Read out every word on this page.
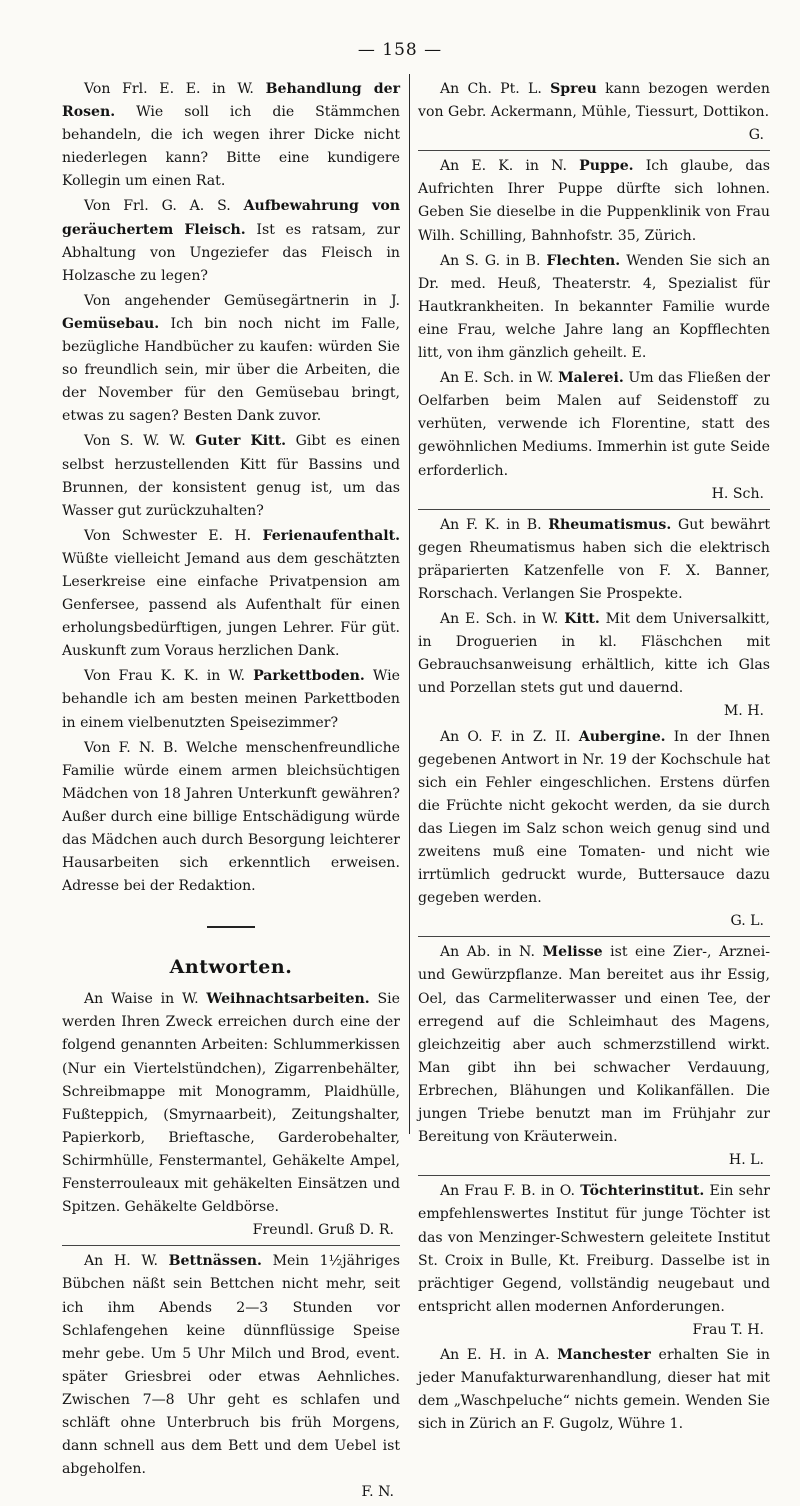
— 158 —

Von Frl. E. E. in W. Behandlung der Rosen. Wie soll ich die Stämmchen behandeln, die ich wegen ihrer Dicke nicht niederlegen kann? Bitte eine kundigere Kollegin um einen Rat.

Von Frl. G. A. S. Aufbewahrung von geräuchertem Fleisch. Ist es ratsam, zur Abhaltung von Ungeziefer das Fleisch in Holzasche zu legen?

Von angehender Gemüsegärtnerin in J. Gemüsebau. Ich bin noch nicht im Falle, bezügliche Handbücher zu kaufen: würden Sie so freundlich sein, mir über die Arbeiten, die der November für den Gemüsebau bringt, etwas zu sagen? Besten Dank zuvor.

Von S. W. W. Guter Kitt. Gibt es einen selbst herzustellenden Kitt für Bassins und Brunnen, der konsistent genug ist, um das Wasser gut zurückzuhalten?

Von Schwester E. H. Ferienaufenthalt. Wüßte vielleicht Jemand aus dem geschätzten Leserkreise eine einfache Privatpension am Genfersee, passend als Aufenthalt für einen erholungsbedürftigen, jungen Lehrer. Für güt. Auskunft zum Voraus herzlichen Dank.

Von Frau K. K. in W. Parkettboden. Wie behandle ich am besten meinen Parkettboden in einem vielbenutzten Speisezimmer?

Von F. N. B. Welche menschenfreundliche Familie würde einem armen bleichsüchtigen Mädchen von 18 Jahren Unterkunft gewähren? Außer durch eine billige Entschädigung würde das Mädchen auch durch Besorgung leichterer Hausarbeiten sich erkenntlich erweisen. Adresse bei der Redaktion.

Antworten.

An Waise in W. Weihnachtsarbeiten. Sie werden Ihren Zweck erreichen durch eine der folgend genannten Arbeiten: Schlummerkissen (Nur ein Viertelstündchen), Zigarrenbehälter, Schreibmappe mit Monogramm, Plaidhülle, Fußteppich, (Smyrnaarbeit), Zeitungshalter, Papierkorb, Brieftasche, Garderobehalter, Schirmhülle, Fenstermantel, Gehäkelte Ampel, Fensterrouleaux mit gehäkelten Einsätzen und Spitzen. Gehäkelte Geldbörse.
Freundl. Gruß D. R.

An H. W. Bettnässen. Mein 1½jähriges Bübchen näßt sein Bettchen nicht mehr, seit ich ihm Abends 2—3 Stunden vor Schlafengehen keine dünnflüssige Speise mehr gebe. Um 5 Uhr Milch und Brod, event. später Griesbrei oder etwas Aehnliches. Zwischen 7—8 Uhr geht es schlafen und schläft ohne Unterbruch bis früh Morgens, dann schnell aus dem Bett und dem Uebel ist abgeholfen.
F. N.

An Ch. Pt. L. Spreu kann bezogen werden von Gebr. Ackermann, Mühle, Tiessurt, Dottikon.
G.

An E. K. in N. Puppe. Ich glaube, das Aufrichten Ihrer Puppe dürfte sich lohnen. Geben Sie dieselbe in die Puppenklinik von Frau Wilh. Schilling, Bahnhofstr. 35, Zürich.

An S. G. in B. Flechten. Wenden Sie sich an Dr. med. Heuß, Theaterstr. 4, Spezialist für Hautkrankheiten. In bekannter Familie wurde eine Frau, welche Jahre lang an Kopfflechten litt, von ihm gänzlich geheilt. E.

An E. Sch. in W. Malerei. Um das Fließen der Oelfarben beim Malen auf Seidenstoff zu verhüten, verwende ich Florentine, statt des gewöhnlichen Mediums. Immerhin ist gute Seide erforderlich.
H. Sch.

An F. K. in B. Rheumatismus. Gut bewährt gegen Rheumatismus haben sich die elektrisch präparierten Katzenfelle von F. X. Banner, Rorschach. Verlangen Sie Prospekte.

An E. Sch. in W. Kitt. Mit dem Universalkitt, in Droguerien in kl. Fläschchen mit Gebrauchsanweisung erhältlich, kitte ich Glas und Porzellan stets gut und dauernd.
M. H.

An O. F. in Z. II. Aubergine. In der Ihnen gegebenen Antwort in Nr. 19 der Kochschule hat sich ein Fehler eingeschlichen. Erstens dürfen die Früchte nicht gekocht werden, da sie durch das Liegen im Salz schon weich genug sind und zweitens muß eine Tomaten- und nicht wie irrtümlich gedruckt wurde, Buttersauce dazu gegeben werden.
G. L.

An Ab. in N. Melisse ist eine Zier-, Arznei- und Gewürzpflanze. Man bereitet aus ihr Essig, Oel, das Carmeliterwasser und einen Tee, der erregend auf die Schleimhaut des Magens, gleichzeitig aber auch schmerzstillend wirkt. Man gibt ihn bei schwacher Verdauung, Erbrechen, Blähungen und Kolikanfällen. Die jungen Triebe benutzt man im Frühjahr zur Bereitung von Kräuterwein.
H. L.

An Frau F. B. in O. Töchterinstitut. Ein sehr empfehlenswertes Institut für junge Töchter ist das von Menzinger-Schwestern geleitete Institut St. Croix in Bulle, Kt. Freiburg. Dasselbe ist in prächtiger Gegend, vollständig neugebaut und entspricht allen modernen Anforderungen.
Frau T. H.

An E. H. in A. Manchester erhalten Sie in jeder Manufakturwarenhandlung, dieser hat mit dem „Waschpeluche“ nichts gemein. Wenden Sie sich in Zürich an F. Gugolz, Wühre 1.
